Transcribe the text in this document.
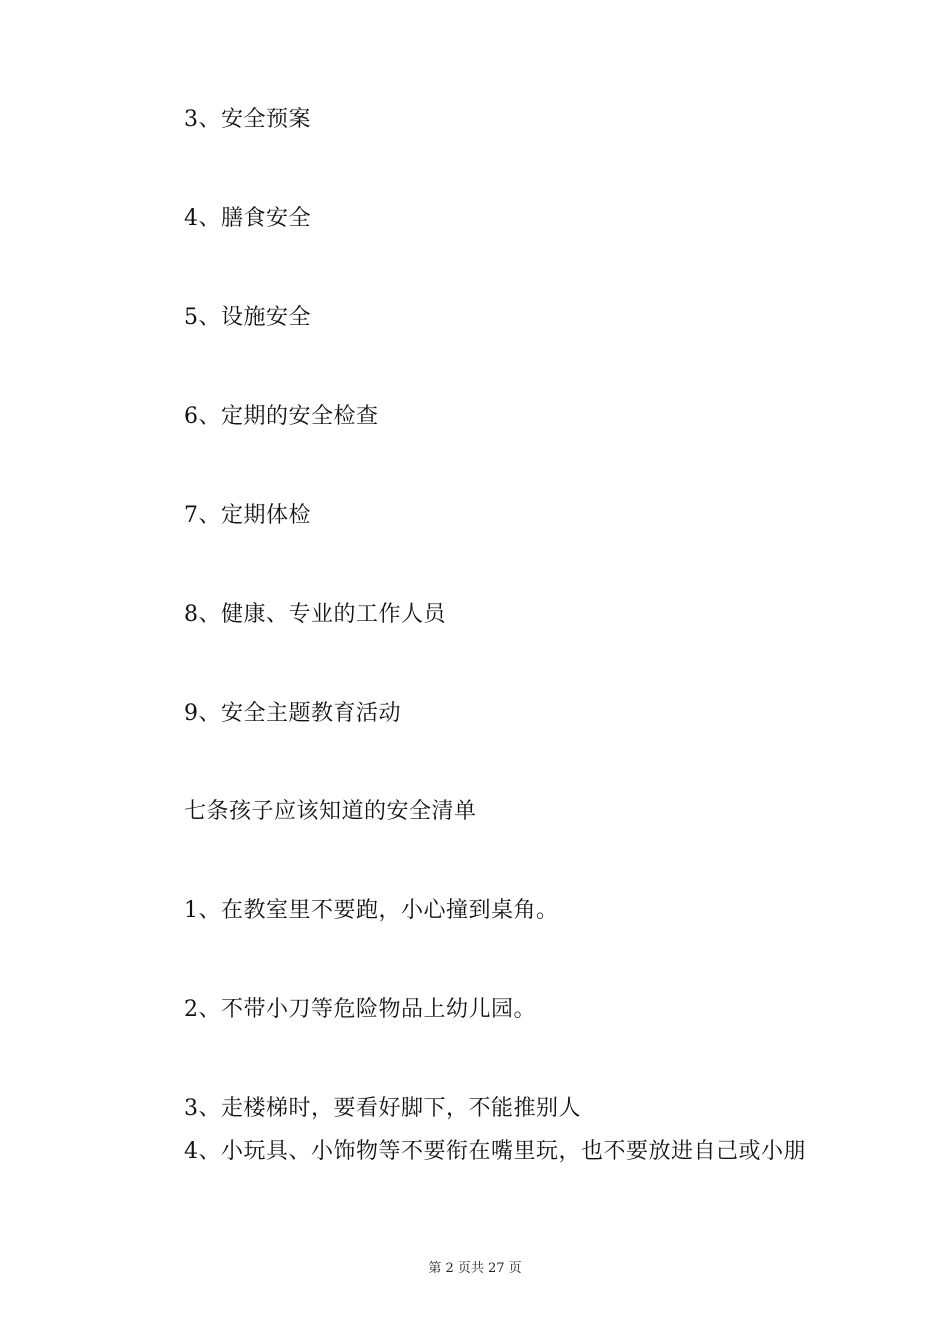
3、安全预案
4、膳食安全
5、设施安全
6、定期的安全检查
7、定期体检
8、健康、专业的工作人员
9、安全主题教育活动
七条孩子应该知道的安全清单
1、在教室里不要跑，小心撞到桌角。
2、不带小刀等危险物品上幼儿园。
3、走楼梯时，要看好脚下，不能推别人
4、小玩具、小饰物等不要衔在嘴里玩，也不要放进自己或小朋
第 2 页共 27 页
